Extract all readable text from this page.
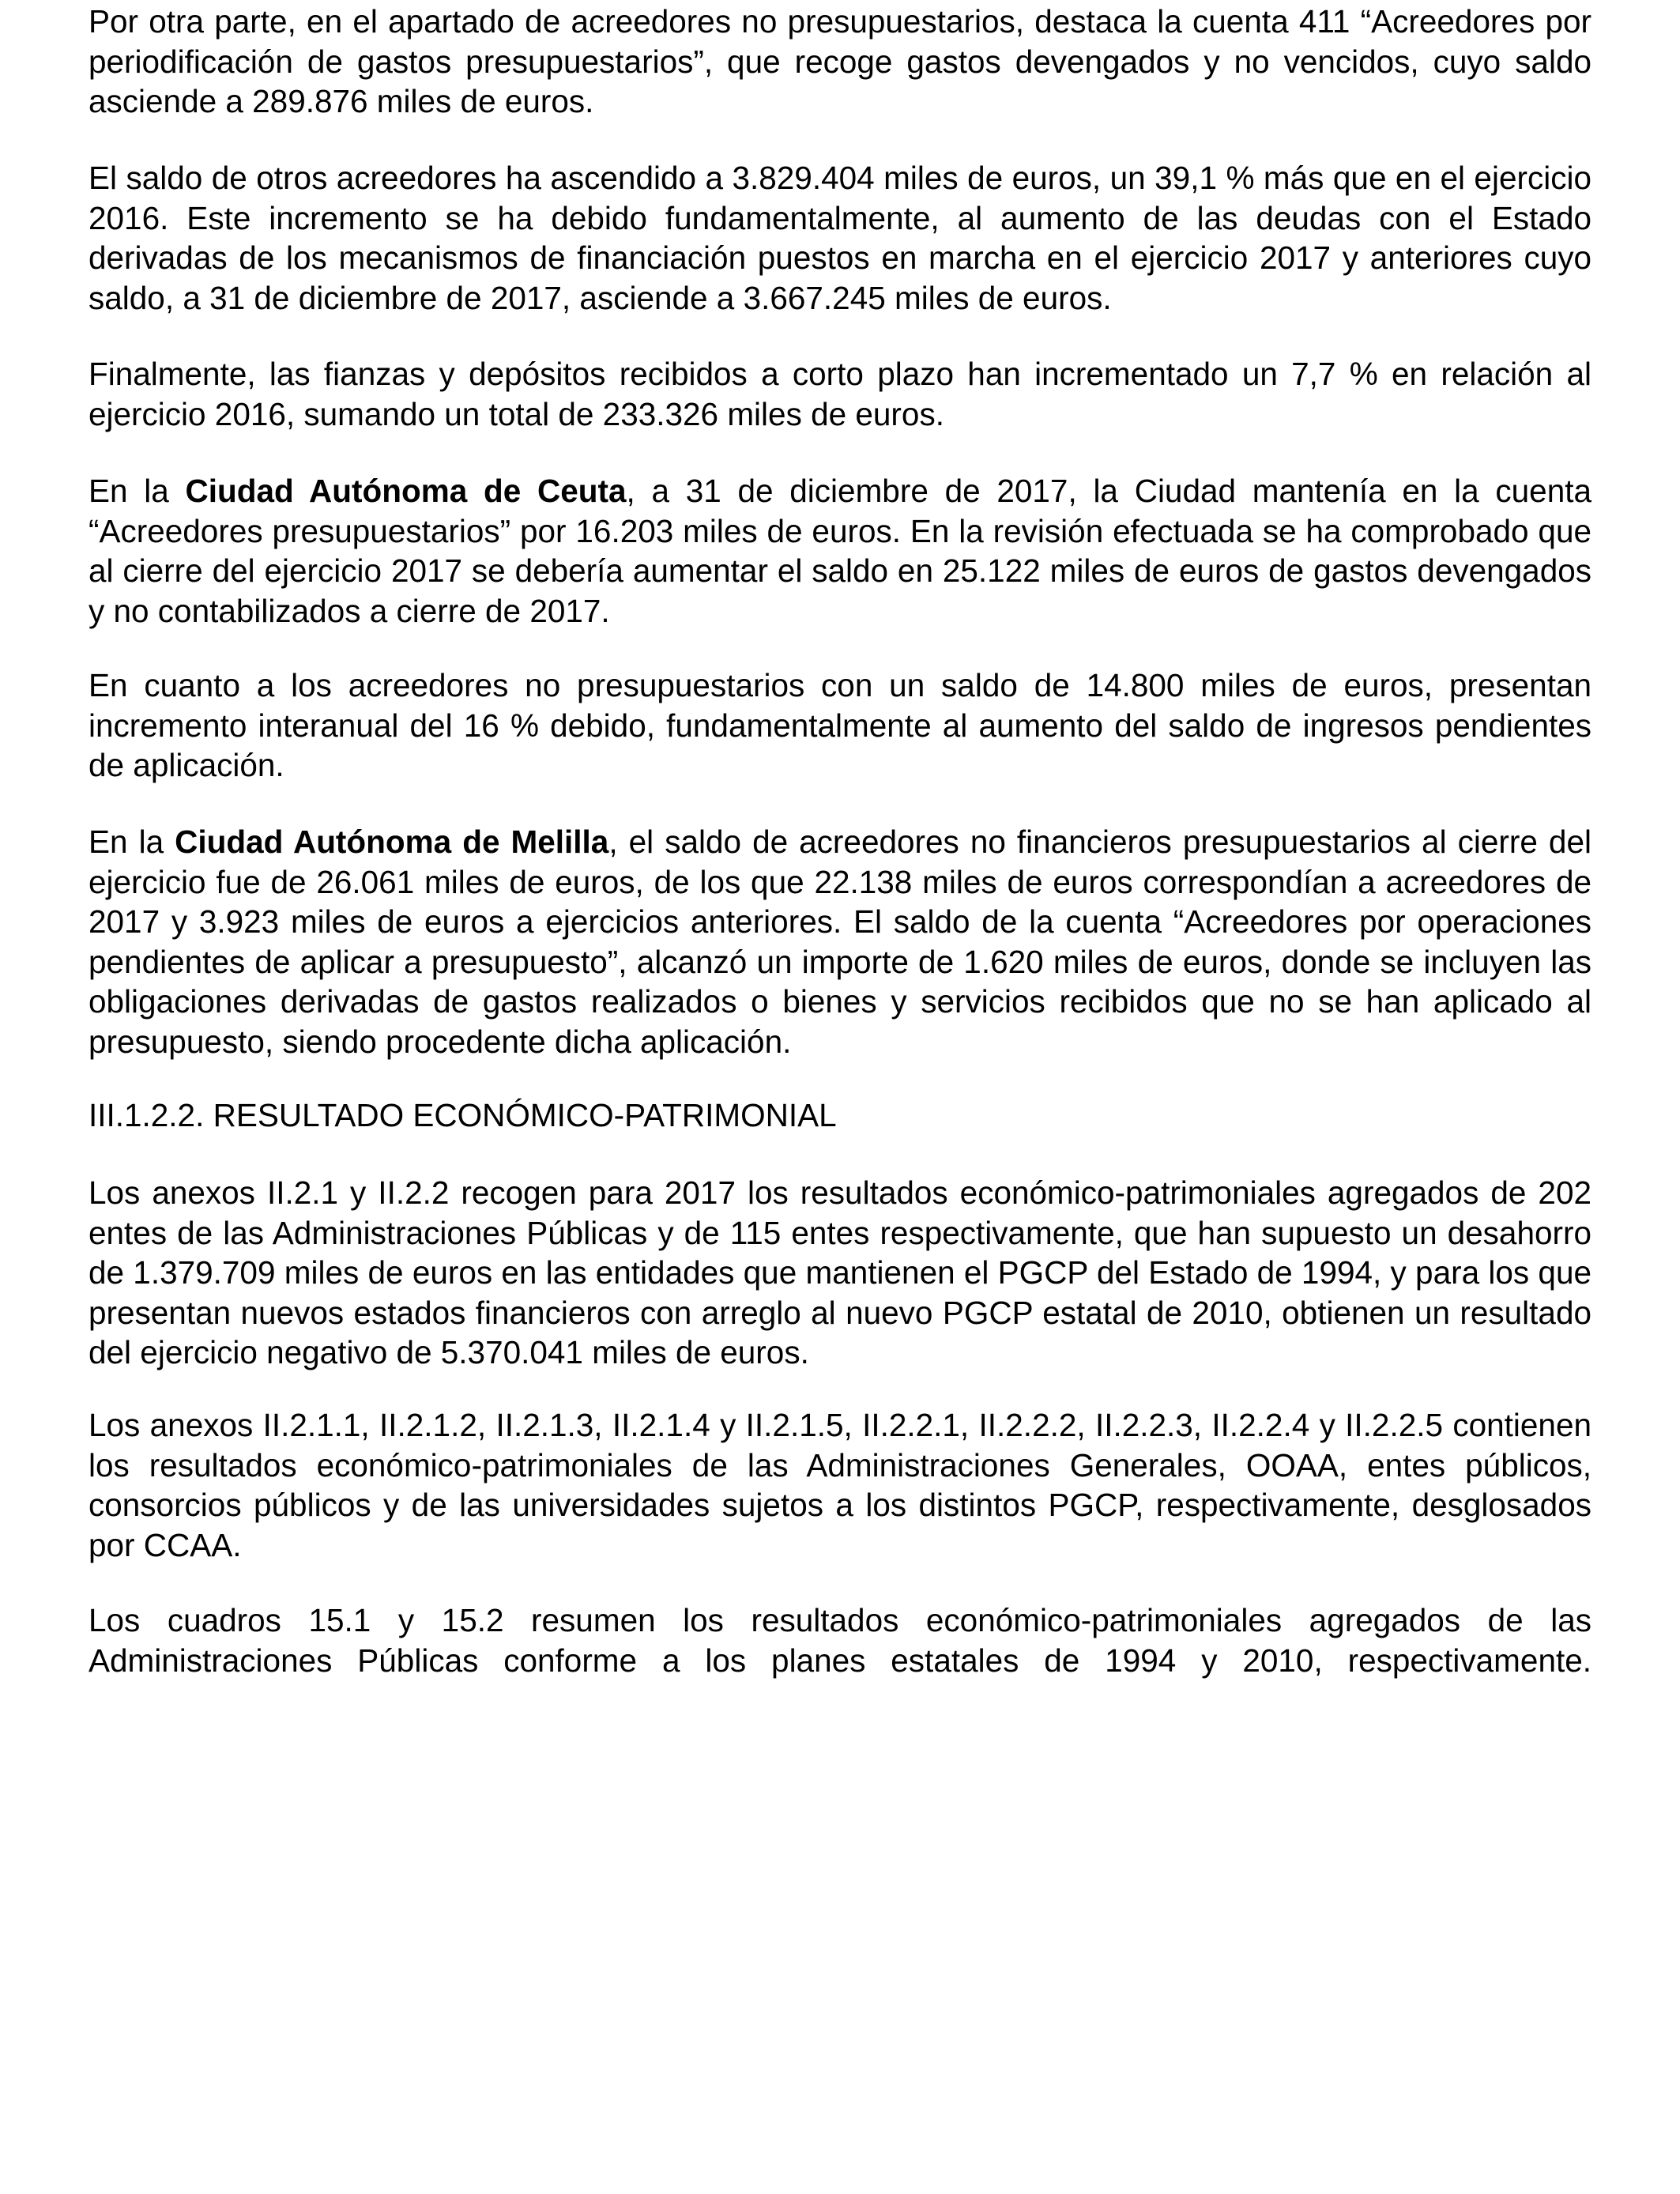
Por otra parte, en el apartado de acreedores no presupuestarios, destaca la cuenta 411 “Acreedores por periodificación de gastos presupuestarios”, que recoge gastos devengados y no vencidos, cuyo saldo asciende a 289.876 miles de euros.

El saldo de otros acreedores ha ascendido a 3.829.404 miles de euros, un 39,1 % más que en el ejercicio 2016. Este incremento se ha debido fundamentalmente, al aumento de las deudas con el Estado derivadas de los mecanismos de financiación puestos en marcha en el ejercicio 2017 y anteriores cuyo saldo, a 31 de diciembre de 2017, asciende a 3.667.245 miles de euros.

Finalmente, las fianzas y depósitos recibidos a corto plazo han incrementado un 7,7 % en relación al ejercicio 2016, sumando un total de 233.326 miles de euros.

En la Ciudad Autónoma de Ceuta, a 31 de diciembre de 2017, la Ciudad mantenía en la cuenta “Acreedores presupuestarios” por 16.203 miles de euros. En la revisión efectuada se ha comprobado que al cierre del ejercicio 2017 se debería aumentar el saldo en 25.122 miles de euros de gastos devengados y no contabilizados a cierre de 2017.

En cuanto a los acreedores no presupuestarios con un saldo de 14.800 miles de euros, presentan incremento interanual del 16 % debido, fundamentalmente al aumento del saldo de ingresos pendientes de aplicación.

En la Ciudad Autónoma de Melilla, el saldo de acreedores no financieros presupuestarios al cierre del ejercicio fue de 26.061 miles de euros, de los que 22.138 miles de euros correspondían a acreedores de 2017 y 3.923 miles de euros a ejercicios anteriores. El saldo de la cuenta “Acreedores por operaciones pendientes de aplicar a presupuesto”, alcanzó un importe de 1.620 miles de euros, donde se incluyen las obligaciones derivadas de gastos realizados o bienes y servicios recibidos que no se han aplicado al presupuesto, siendo procedente dicha aplicación.

III.1.2.2. RESULTADO ECONÓMICO-PATRIMONIAL

Los anexos II.2.1 y II.2.2 recogen para 2017 los resultados económico-patrimoniales agregados de 202 entes de las Administraciones Públicas y de 115 entes respectivamente, que han supuesto un desahorro de 1.379.709 miles de euros en las entidades que mantienen el PGCP del Estado de 1994, y para los que presentan nuevos estados financieros con arreglo al nuevo PGCP estatal de 2010, obtienen un resultado del ejercicio negativo de 5.370.041 miles de euros.

Los anexos II.2.1.1, II.2.1.2, II.2.1.3, II.2.1.4 y II.2.1.5, II.2.2.1, II.2.2.2, II.2.2.3, II.2.2.4 y II.2.2.5 contienen los resultados económico-patrimoniales de las Administraciones Generales, OOAA, entes públicos, consorcios públicos y de las universidades sujetos a los distintos PGCP, respectivamente, desglosados por CCAA.

Los cuadros 15.1 y 15.2 resumen los resultados económico-patrimoniales agregados de las Administraciones Públicas conforme a los planes estatales de 1994 y 2010, respectivamente.
